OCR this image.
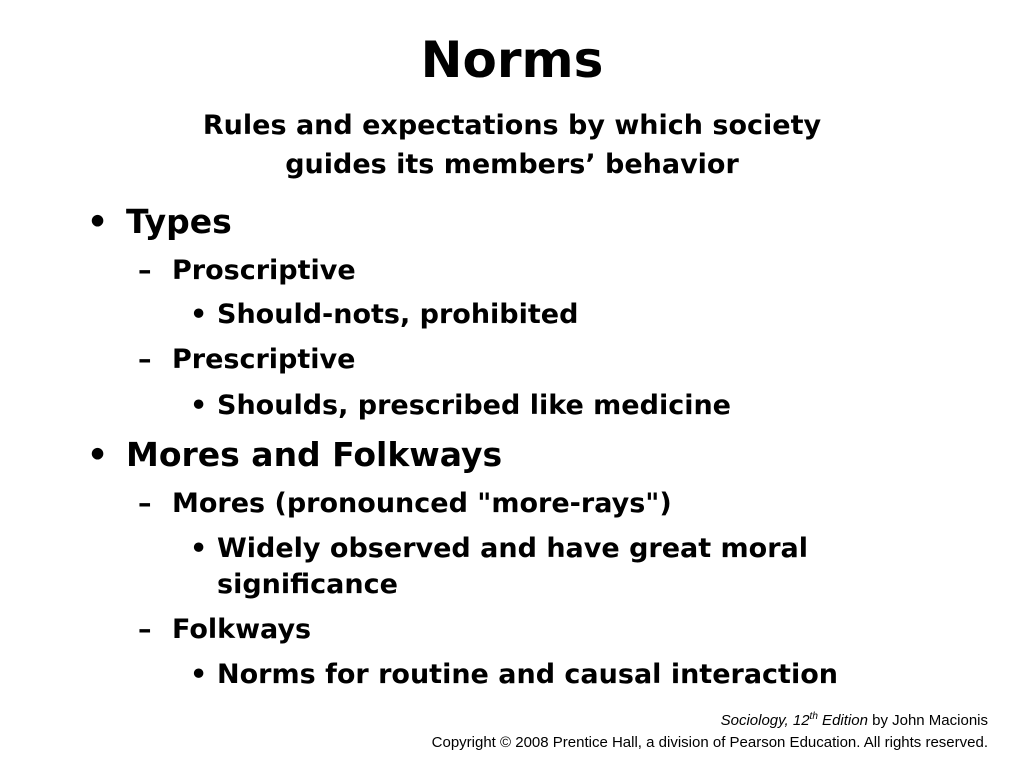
Norms
Rules and expectations by which society
guides its members’ behavior
• Types
– Proscriptive
• Should-nots, prohibited
– Prescriptive
• Shoulds, prescribed like medicine
• Mores and Folkways
– Mores (pronounced "more-rays")
• Widely observed and have great moral
significance
– Folkways
• Norms for routine and causal interaction
Sociology, 12th Edition by John Macionis
Copyright © 2008 Prentice Hall, a division of Pearson Education. All rights reserved.
